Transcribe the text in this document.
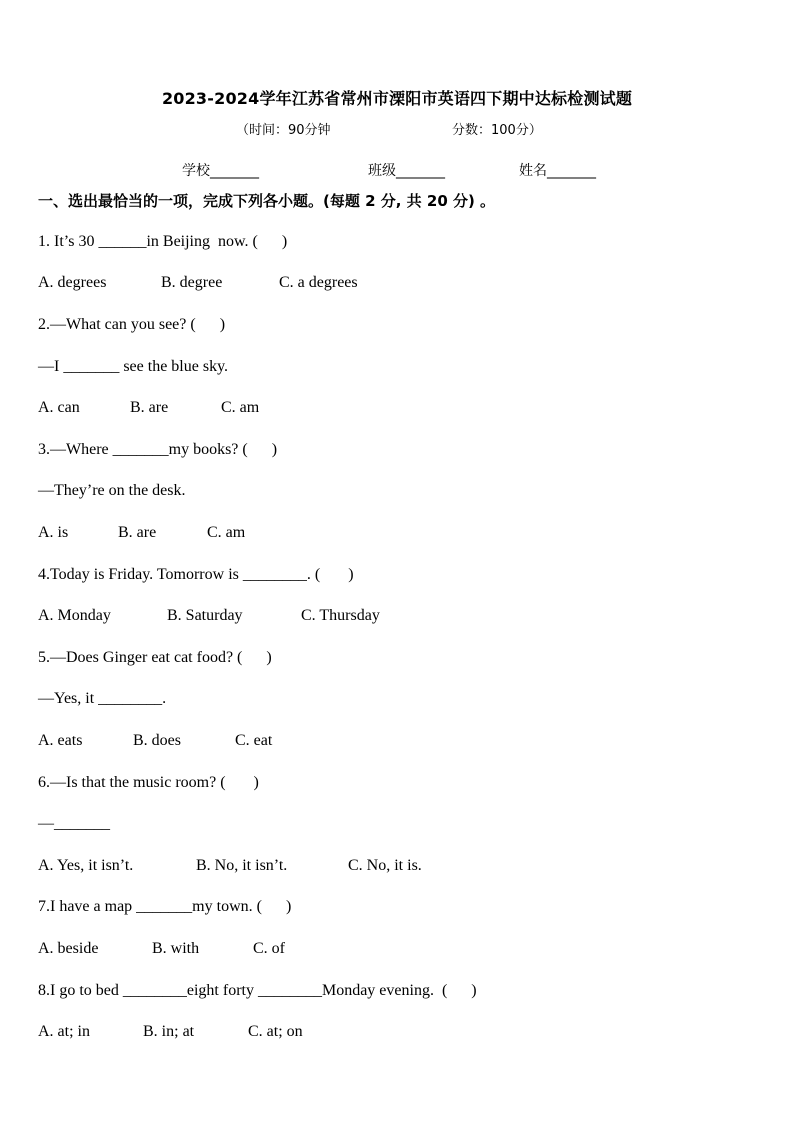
2023-2024学年江苏省常州市溧阳市英语四下期中达标检测试题
（时间：90分钟	分数：100分）
学校_______	班级_______	姓名_______
一、选出最恰当的一项，完成下列各小题。(每题 2 分, 共 20 分) 。
1. It’s 30 ______in Beijing  now. (      )
A. degrees	B. degree	C. a degrees
2.—What can you see? (      )
—I _______ see the blue sky.
A. can	B. are	C. am
3.—Where _______my books? (      )
—They’re on the desk.
A. is	B. are	C. am
4.Today is Friday. Tomorrow is ________. (       )
A. Monday	B. Saturday	C. Thursday
5.—Does Ginger eat cat food? (      )
—Yes, it ________.
A. eats	B. does	C. eat
6.—Is that the music room? (       )
—_______
A. Yes, it isn’t.	B. No, it isn’t.	C. No, it is.
7.I have a map _______my town. (      )
A. beside	B. with	C. of
8.I go to bed ________eight forty ________Monday evening.  (      )
A. at; in	B. in; at	C. at; on
